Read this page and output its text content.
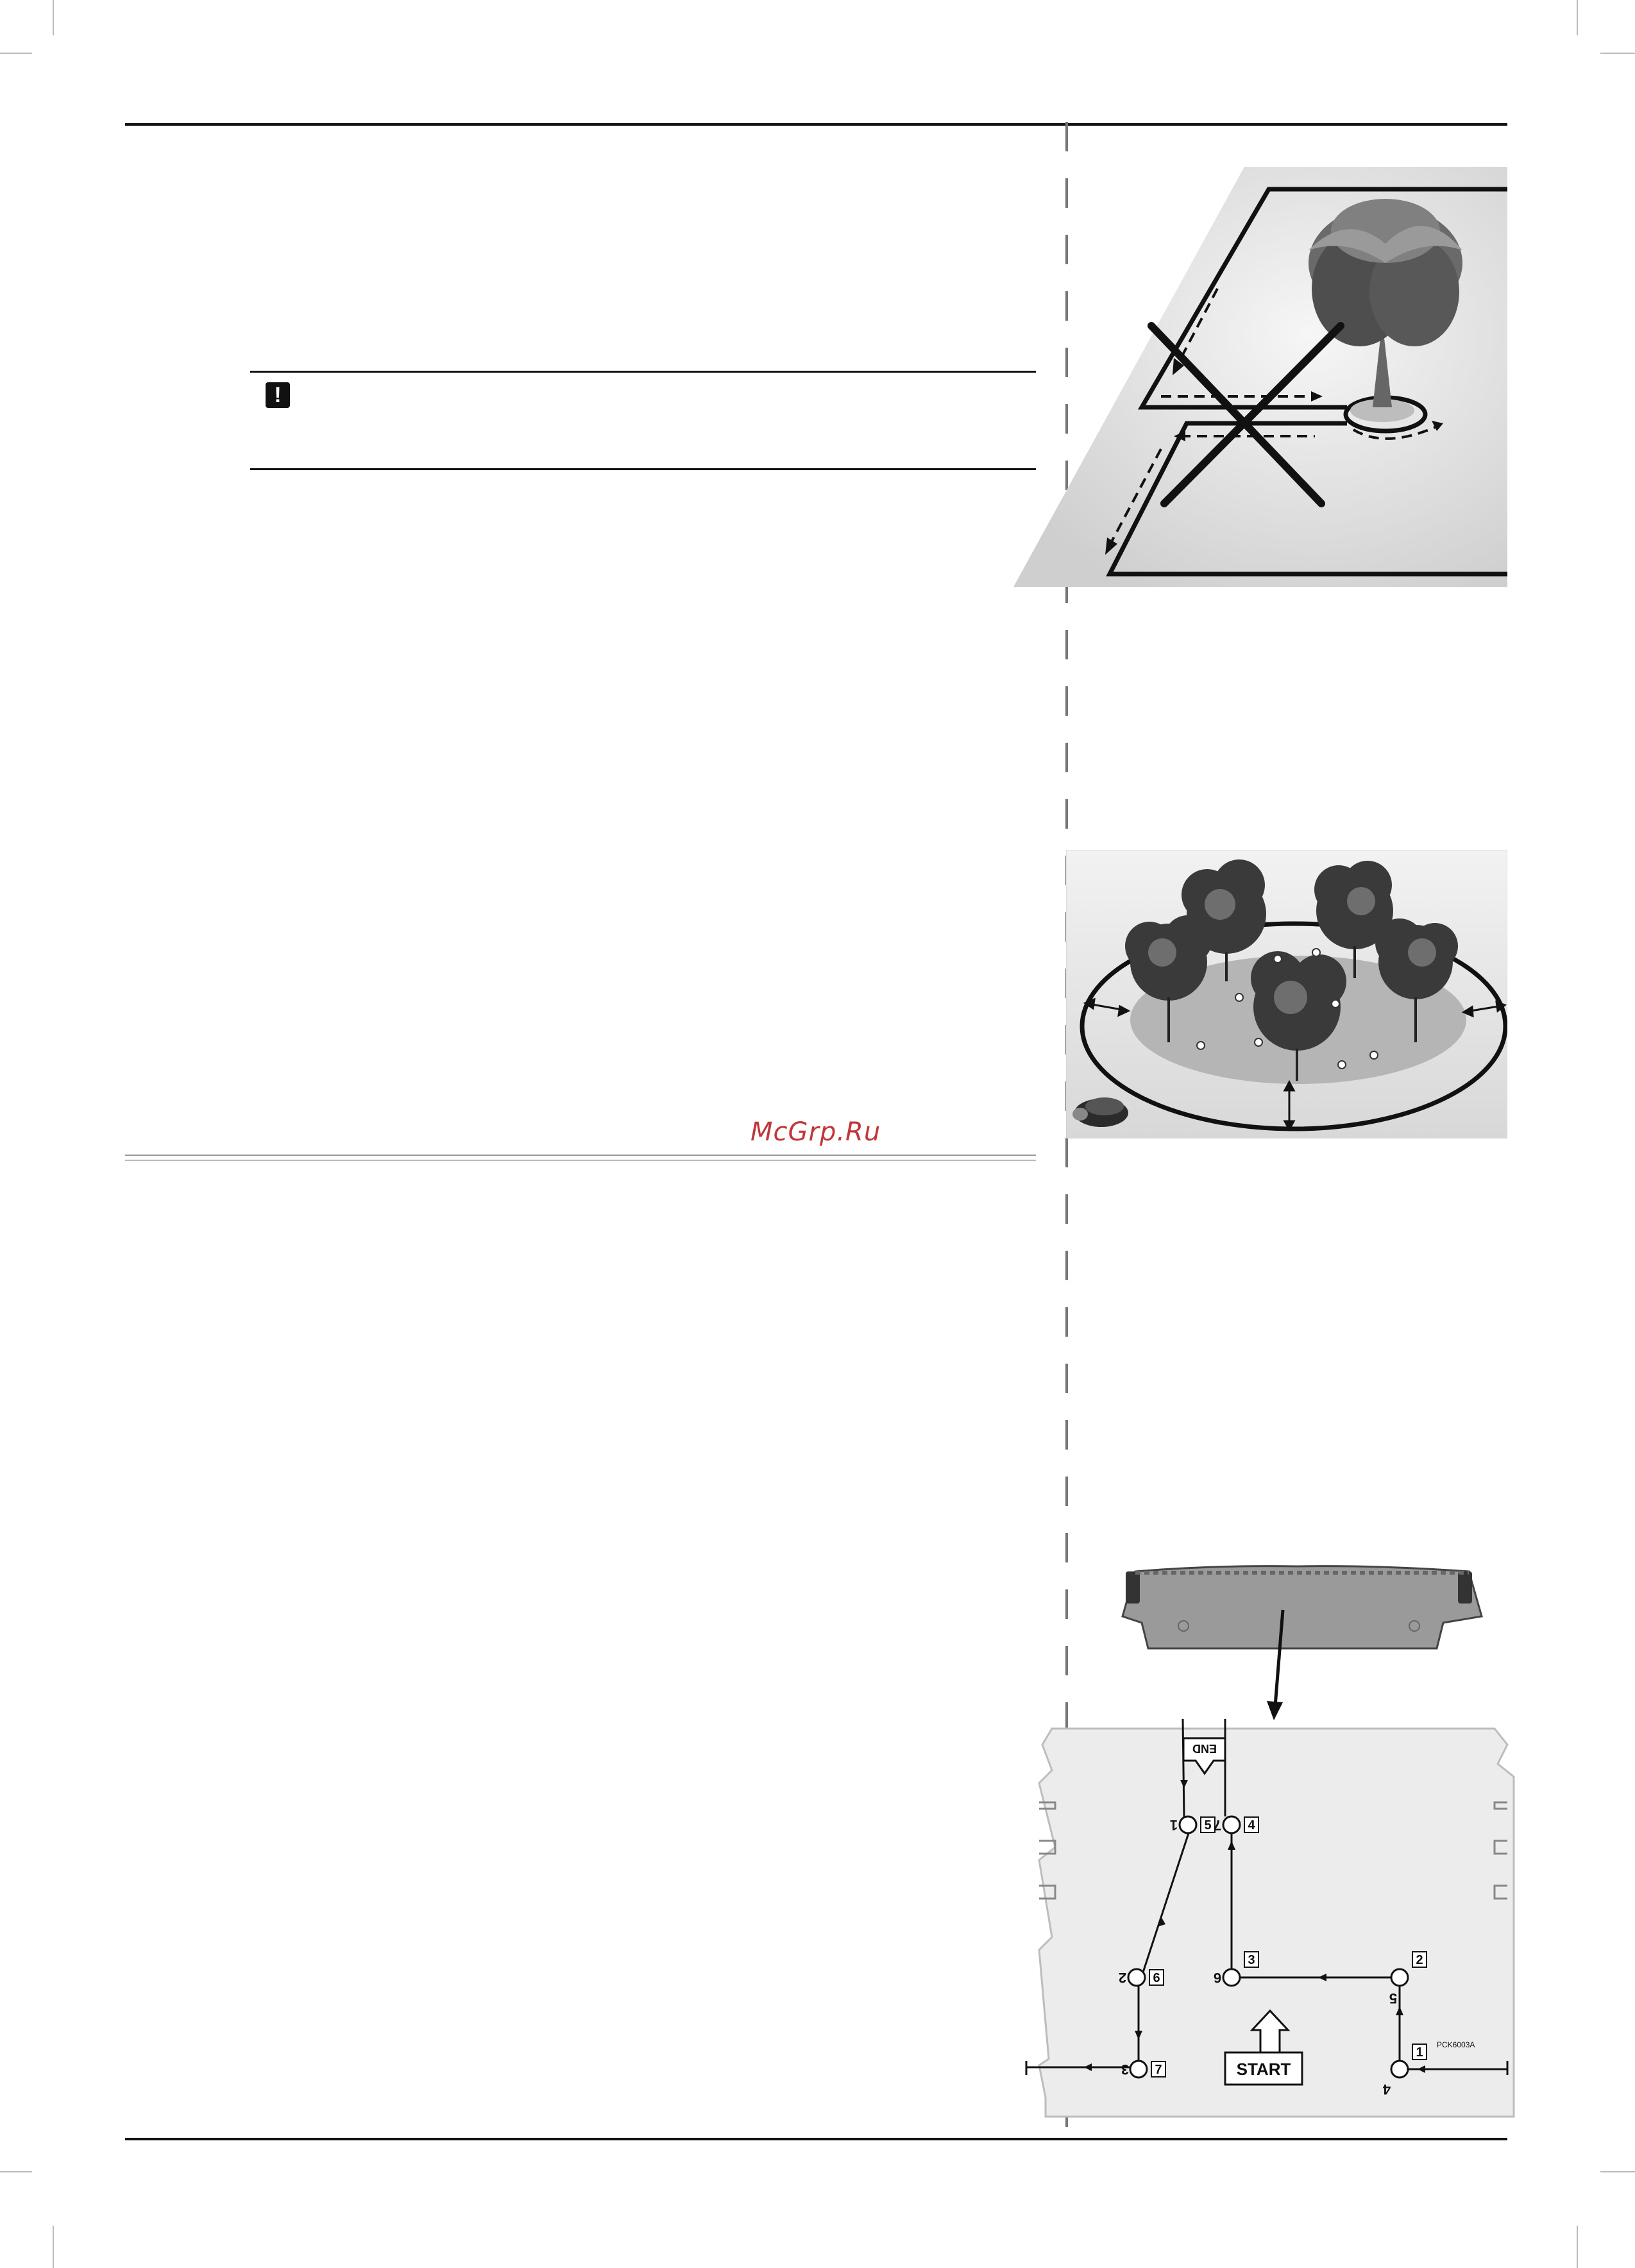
!
McGrp.Ru
5	4
6
3	2
7
1
1	7
2	6
5
3
4
END
START
PCK6003A
